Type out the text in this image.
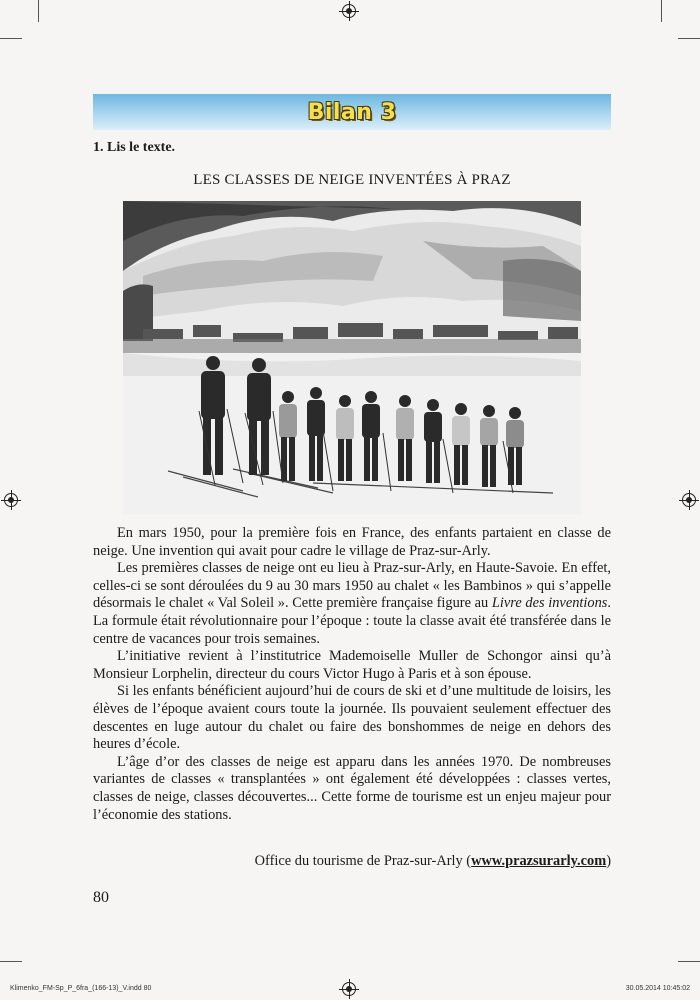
Bilan 3
1. Lis le texte.
LES CLASSES DE NEIGE INVENTÉES À PRAZ

En mars 1950, pour la première fois en France, des enfants partaient en classe de neige. Une invention qui avait pour cadre le village de Praz-sur-Arly.

Les premières classes de neige ont eu lieu à Praz-sur-Arly, en Haute-Savoie. En effet, celles-ci se sont déroulées du 9 au 30 mars 1950 au chalet « les Bambinos » qui s’appelle désormais le chalet « Val Soleil ». Cette première française figure au Livre des inventions. La formule était révolutionnaire pour l’époque : toute la classe avait été transférée dans le centre de vacances pour trois semaines.

L’initiative revient à l’institutrice Mademoiselle Muller de Schongor ainsi qu’à Monsieur Lorphelin, directeur du cours Victor Hugo à Paris et à son épouse.

Si les enfants bénéficient aujourd’hui de cours de ski et d’une multitude de loisirs, les élèves de l’époque avaient cours toute la journée. Ils pouvaient seulement effectuer des descentes en luge autour du chalet ou faire des bonshommes de neige en dehors des heures d’école.

L’âge d’or des classes de neige est apparu dans les années 1970. De nombreuses variantes de classes « transplantées » ont également été développées : classes vertes, classes de neige, classes découvertes... Cette forme de tourisme est un enjeu majeur pour l’économie des stations.

Office du tourisme de Praz-sur-Arly (www.prazsurarly.com)
80
Klimenko_FM-Sp_P_6fra_(166-13)_V.indd 80	30.05.2014 10:45:02
